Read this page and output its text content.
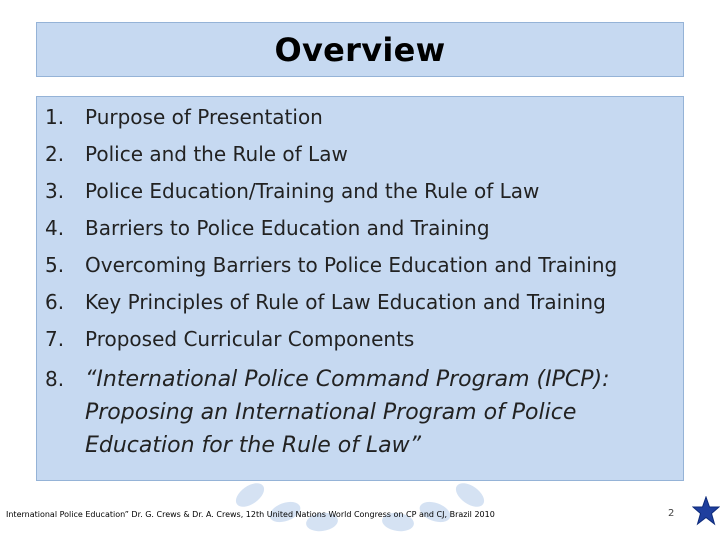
Overview
1.	Purpose of Presentation
2.	Police and the Rule of Law
3.	Police Education/Training and the Rule of Law
4.	Barriers to Police Education and Training
5.	Overcoming Barriers to Police Education and Training
6.	Key Principles of Rule of Law Education and Training
7.	Proposed Curricular Components
8. “International Police Command Program (IPCP): Proposing an International Program of Police Education for the Rule of Law”
International Police Education” Dr. G. Crews & Dr. A. Crews, 12th United Nations World Congress on CP and CJ, Brazil 2010	2
